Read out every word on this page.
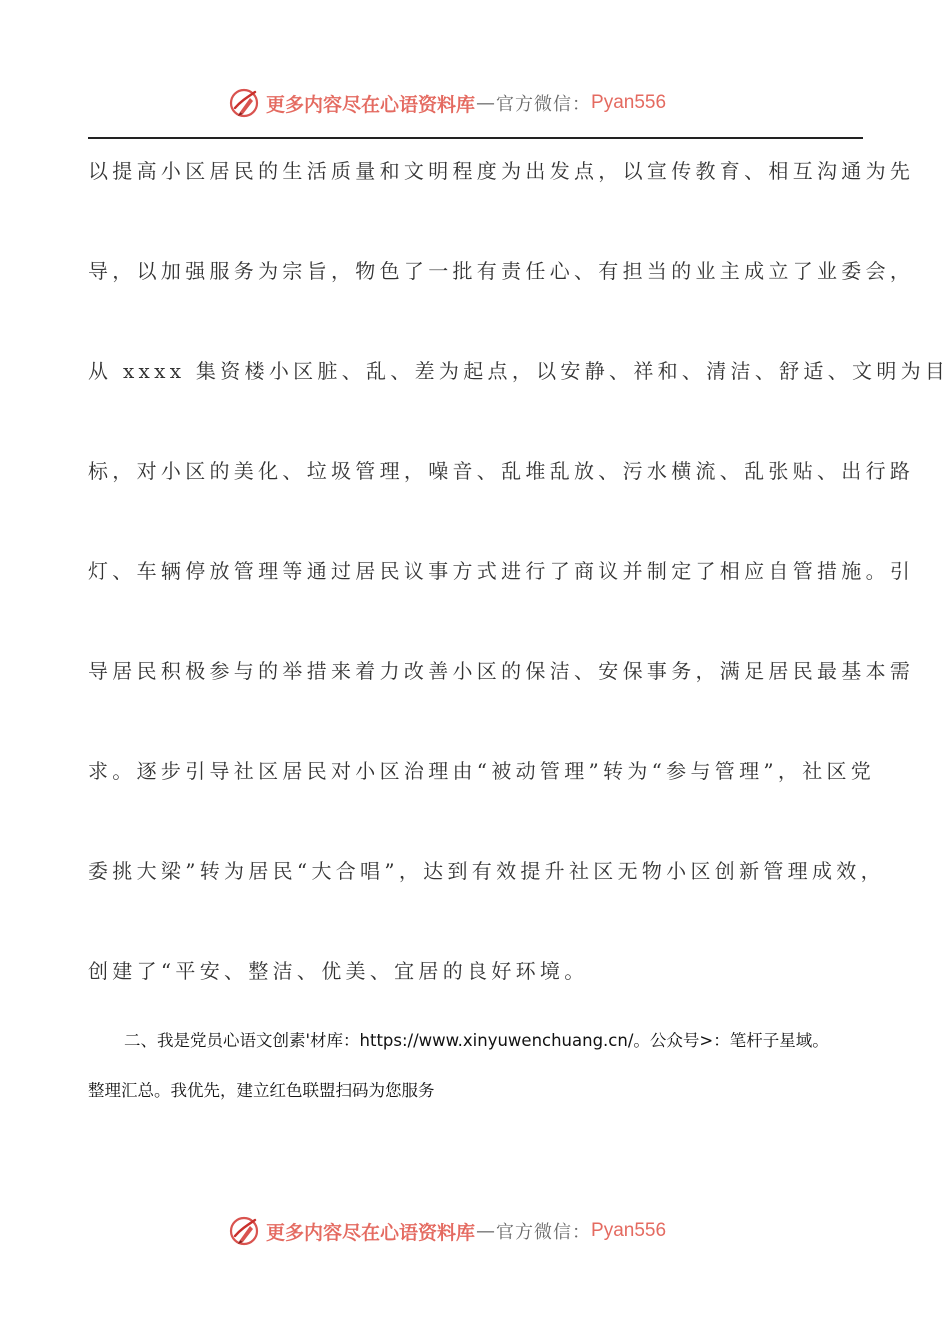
更多内容尽在心语资料库 — 官方微信： Pyan556
以提高小区居民的生活质量和文明程度为出发点，以宣传教育、相互沟通为先
导，以加强服务为宗旨，物色了一批有责任心、有担当的业主成立了业委会，
从 xxxx 集资楼小区脏、乱、差为起点，以安静、祥和、清洁、舒适、文明为目
标，对小区的美化、垃圾管理，噪音、乱堆乱放、污水横流、乱张贴、出行路
灯、车辆停放管理等通过居民议事方式进行了商议并制定了相应自管措施。引
导居民积极参与的举措来着力改善小区的保洁、安保事务，满足居民最基本需
求。逐步引导社区居民对小区治理由“被动管理”转为“参与管理”，社区党
委挑大梁”转为居民“大合唱”，达到有效提升社区无物小区创新管理成效，
创建了“平安、整洁、优美、宜居的良好环境。
二、我是党员心语文创素'材库：https://www.xinyuwenchuang.cn/。公众号>：笔杆子星域。
整理汇总。我优先，建立红色联盟扫码为您服务
更多内容尽在心语资料库 — 官方微信： Pyan556
